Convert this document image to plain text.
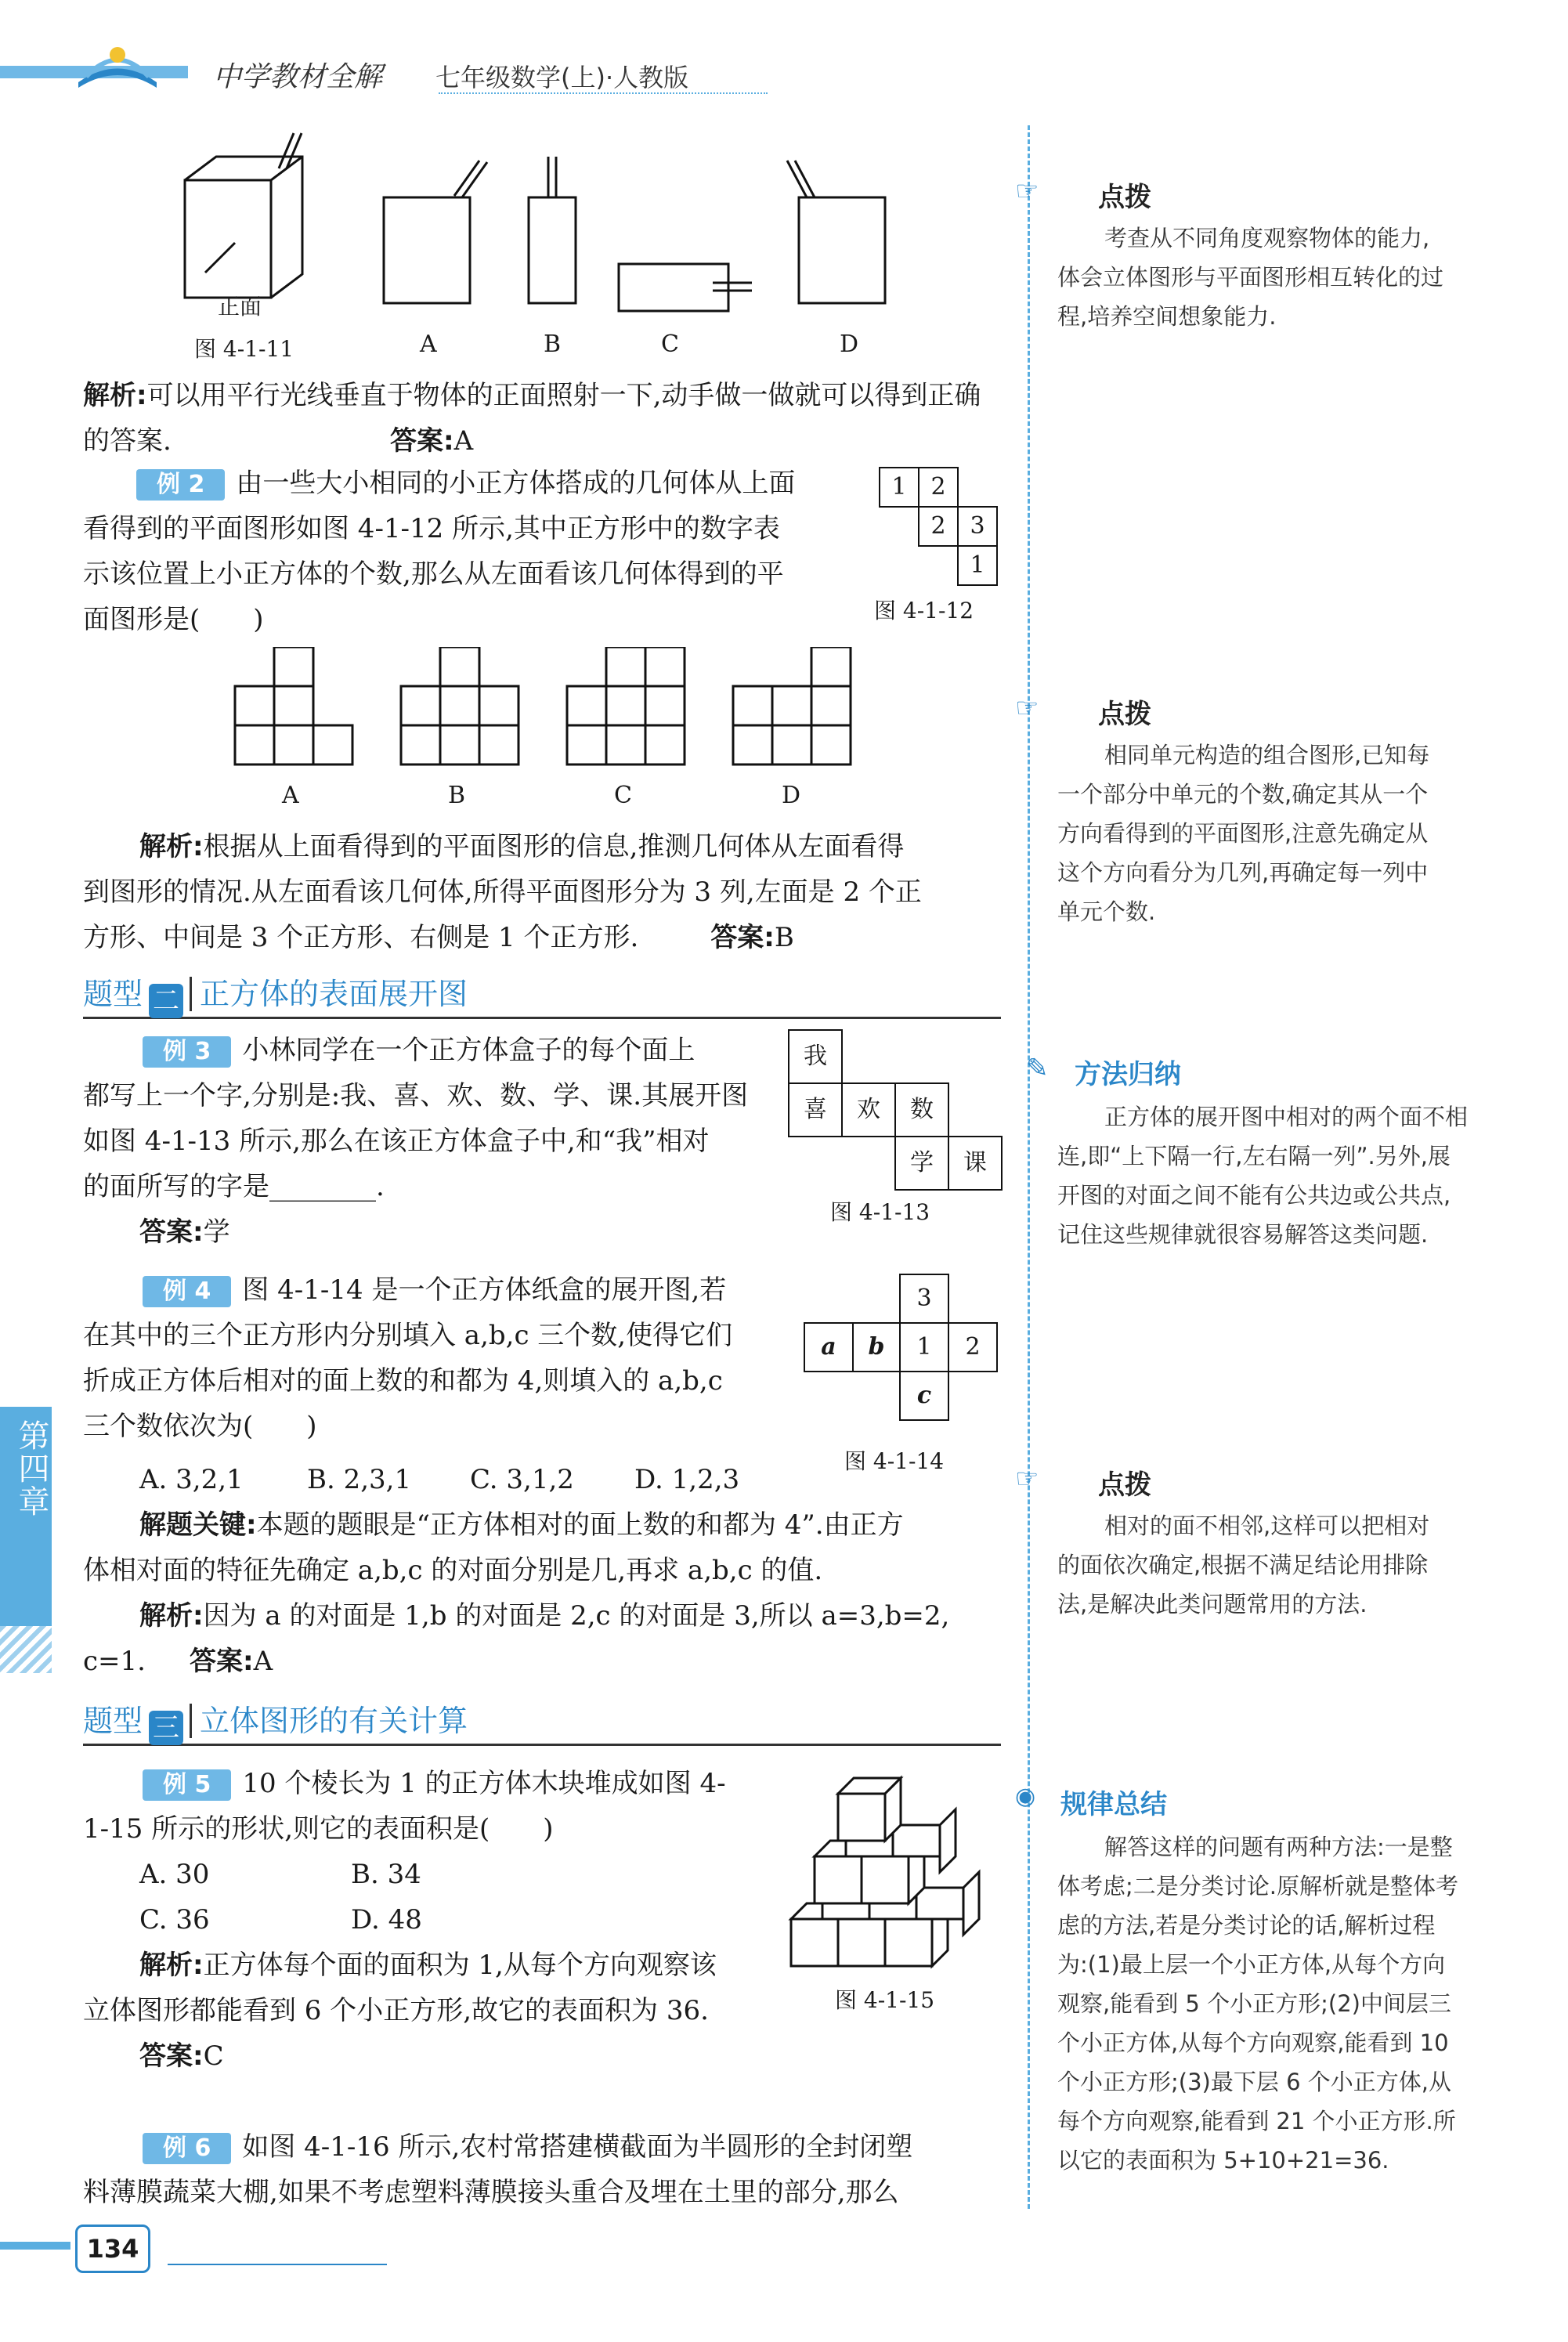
中学教材全解 七年级数学(上)·人教版
正面
图 4-1-11	A	B	C	D
解析:可以用平行光线垂直于物体的正面照射一下,动手做一做就可以得到正确的答案.	答案:A
例 2 由一些大小相同的小正方体搭成的几何体从上面
看得到的平面图形如图 4-1-12 所示,其中正方形中的数字表
示该位置上小正方体的个数,那么从左面看该几何体得到的平
面图形是(　　)
1	2
2	3
1
图 4-1-12
A	B	C	D
解析:根据从上面看得到的平面图形的信息,推测几何体从左面看得
到图形的情况.从左面看该几何体,所得平面图形分为 3 列,左面是 2 个正
方形、中间是 3 个正方形、右侧是 1 个正方形.	答案:B
题型 二 正方体的表面展开图
例 3 小林同学在一个正方体盒子的每个面上
都写上一个字,分别是:我、喜、欢、数、学、课.其展开图
如图 4-1-13 所示,那么在该正方体盒子中,和“我”相对
的面所写的字是________.
答案:学
我
喜	欢	数
学	课
图 4-1-13
例 4 图 4-1-14 是一个正方体纸盒的展开图,若
在其中的三个正方形内分别填入 a,b,c 三个数,使得它们
折成正方体后相对的面上数的和都为 4,则填入的 a,b,c
三个数依次为(　　)
3
a	b	1	2
c
图 4-1-14
A. 3,2,1 B. 2,3,1 C. 3,1,2 D. 1,2,3
解题关键:本题的题眼是“正方体相对的面上数的和都为 4”.由正方
体相对面的特征先确定 a,b,c 的对面分别是几,再求 a,b,c 的值.
解析:因为 a 的对面是 1,b 的对面是 2,c 的对面是 3,所以 a=3,b=2,
c=1. 答案:A
题型 三 立体图形的有关计算
例 5 10 个棱长为 1 的正方体木块堆成如图 4-
1-15 所示的形状,则它的表面积是(　　)
A. 30	B. 34
C. 36	D. 48
解析:正方体每个面的面积为 1,从每个方向观察该
立体图形都能看到 6 个小正方形,故它的表面积为 36.
答案:C
图 4-1-15
例 6 如图 4-1-16 所示,农村常搭建横截面为半圆形的全封闭塑
料薄膜蔬菜大棚,如果不考虑塑料薄膜接头重合及埋在土里的部分,那么
☞ 点拨
考查从不同角度观察物体的能力,
体会立体图形与平面图形相互转化的过
程,培养空间想象能力.
☞ 点拨
相同单元构造的组合图形,已知每
一个部分中单元的个数,确定其从一个
方向看得到的平面图形,注意先确定从
这个方向看分为几列,再确定每一列中
单元个数.
✎ 方法归纳
正方体的展开图中相对的两个面不相
连,即“上下隔一行,左右隔一列”.另外,展
开图的对面之间不能有公共边或公共点,
记住这些规律就很容易解答这类问题.
☞ 点拨
相对的面不相邻,这样可以把相对
的面依次确定,根据不满足结论用排除
法,是解决此类问题常用的方法.
◉ 规律总结
解答这样的问题有两种方法:一是整
体考虑;二是分类讨论.原解析就是整体考
虑的方法,若是分类讨论的话,解析过程
为:(1)最上层一个小正方体,从每个方向
观察,能看到 5 个小正方形;(2)中间层三
个小正方体,从每个方向观察,能看到 10
个小正方形;(3)最下层 6 个小正方体,从
每个方向观察,能看到 21 个小正方形.所
以它的表面积为 5+10+21=36.
第四章
134
